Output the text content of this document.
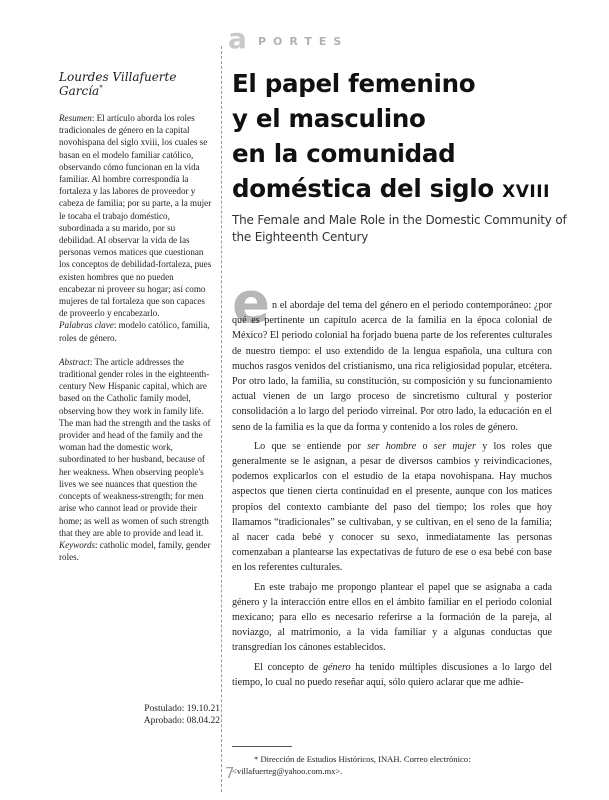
a PORTES
Lourdes Villafuerte García*

Resumen: El artículo aborda los roles tradicionales de género en la capital novohispana del siglo xviii, los cuales se basan en el modelo familiar católico, observando cómo funcionan en la vida familiar. Al hombre correspondía la fortaleza y las labores de proveedor y cabeza de familia; por su parte, a la mujer le tocaba el trabajo doméstico, subordinada a su marido, por su debilidad. Al observar la vida de las personas vemos matices que cuestionan los conceptos de debilidad-fortaleza, pues existen hombres que no pueden encabezar ni proveer su hogar; así como mujeres de tal fortaleza que son capaces de proveerlo y encabezarlo.

Palabras clave: modelo católico, familia, roles de género.

Abstract: The article addresses the traditional gender roles in the eighteenth-century New Hispanic capital, which are based on the Catholic family model, observing how they work in family life. The man had the strength and the tasks of provider and head of the family and the woman had the domestic work, subordinated to her husband, because of her weakness. When observing people's lives we see nuances that question the concepts of weakness-strength; for men arise who cannot lead or provide their home; as well as women of such strength that they are able to provide and lead it.

Keywords: catholic model, family, gender roles.

Postulado: 19.10.21
Aprobado: 08.04.22
El papel femenino
y el masculino
en la comunidad
doméstica del siglo XVIII
The Female and Male Role in the Domestic Community of the Eighteenth Century
e n el abordaje del tema del género en el periodo contemporáneo: ¿por qué es pertinente un capítulo acerca de la familia en la época colonial de México? El periodo colonial ha forjado buena parte de los referentes culturales de nuestro tiempo: el uso extendido de la lengua española, una cultura con muchos rasgos venidos del cristianismo, una rica religiosidad popular, etcétera. Por otro lado, la familia, su constitución, su composición y su funcionamiento actual vienen de un largo proceso de sincretismo cultural y posterior consolidación a lo largo del periodo virreinal. Por otro lado, la educación en el seno de la familia es la que da forma y contenido a los roles de género.

Lo que se entiende por ser hombre o ser mujer y los roles que generalmente se le asignan, a pesar de diversos cambios y reivindicaciones, podemos explicarlos con el estudio de la etapa novohispana. Hay muchos aspectos que tienen cierta continuidad en el presente, aunque con los matices propios del contexto cambiante del paso del tiempo; los roles que hoy llamamos “tradicionales” se cultivaban, y se cultivan, en el seno de la familia; al nacer cada bebé y conocer su sexo, inmediatamente las personas comenzaban a plantearse las expectativas de futuro de ese o esa bebé con base en los referentes culturales.

En este trabajo me propongo plantear el papel que se asignaba a cada género y la interacción entre ellos en el ámbito familiar en el periodo colonial mexicano; para ello es necesario referirse a la formación de la pareja, al noviazgo, al matrimonio, a la vida familiar y a algunas conductas que transgredían los cánones establecidos.

El concepto de género ha tenido múltiples discusiones a lo largo del tiempo, lo cual no puedo reseñar aquí, sólo quiero aclarar que me adhie-

* Dirección de Estudios Históricos, INAH. Correo electrónico: <villafuerteg@yahoo.com.mx>.
7
